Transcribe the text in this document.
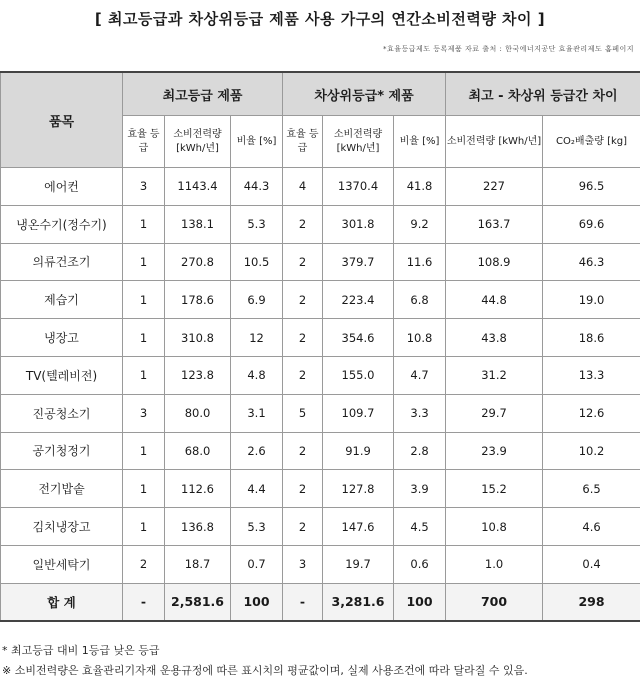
[ 최고등급과 차상위등급 제품 사용 가구의 연간소비전력량 차이 ]
*효율등급제도 등록제품 자료 출처 : 한국에너지공단 효율관리제도 홈페이지
품목	최고등급 제품			차상위등급* 제품			최고 - 차상위 등급간 차이	
	효율 등급	소비전력량 [kWh/년]	비율 [%]	효율 등급	소비전력량 [kWh/년]	비율 [%]	소비전력량 [kWh/년]	CO₂배출량 [kg]
에어컨	3	1143.4	44.3	4	1370.4	41.8	227	96.5
냉온수기(정수기)	1	138.1	5.3	2	301.8	9.2	163.7	69.6
의류건조기	1	270.8	10.5	2	379.7	11.6	108.9	46.3
제습기	1	178.6	6.9	2	223.4	6.8	44.8	19.0
냉장고	1	310.8	12	2	354.6	10.8	43.8	18.6
TV(텔레비전)	1	123.8	4.8	2	155.0	4.7	31.2	13.3
진공청소기	3	80.0	3.1	5	109.7	3.3	29.7	12.6
공기청정기	1	68.0	2.6	2	91.9	2.8	23.9	10.2
전기밥솥	1	112.6	4.4	2	127.8	3.9	15.2	6.5
김치냉장고	1	136.8	5.3	2	147.6	4.5	10.8	4.6
일반세탁기	2	18.7	0.7	3	19.7	0.6	1.0	0.4
합 계	-	2,581.6	100	-	3,281.6	100	700	298
* 최고등급 대비 1등급 낮은 등급
※ 소비전력량은 효율관리기자재 운용규정에 따른 표시치의 평균값이며, 실제 사용조건에 따라 달라질 수 있음.
